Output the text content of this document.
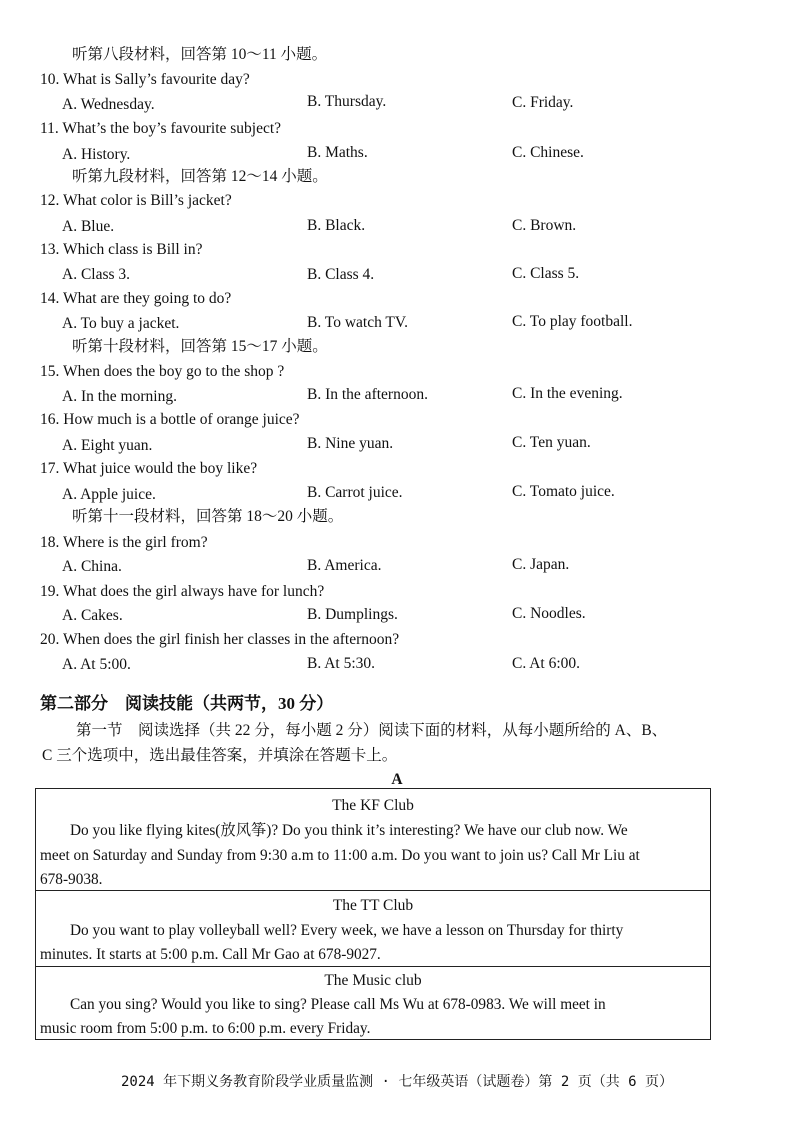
听第八段材料，回答第 10～11 小题。
10. What is Sally’s favourite day?
A. Wednesday.	B. Thursday.	C. Friday.
11. What’s the boy’s favourite subject?
A. History.	B. Maths.	C. Chinese.
听第九段材料，回答第 12～14 小题。
12. What color is Bill’s jacket?
A. Blue.	B. Black.	C. Brown.
13. Which class is Bill in?
A. Class 3.	B. Class 4.	C. Class 5.
14. What are they going to do?
A. To buy a jacket.	B. To watch TV.	C. To play football.
听第十段材料，回答第 15～17 小题。
15. When does the boy go to the shop ?
A. In the morning.	B. In the afternoon.	C. In the evening.
16. How much is a bottle of orange juice?
A. Eight yuan.	B. Nine yuan.	C. Ten yuan.
17. What juice would the boy like?
A. Apple juice.	B. Carrot juice.	C. Tomato juice.
听第十一段材料，回答第 18～20 小题。
18. Where is the girl from?
A. China.	B. America.	C. Japan.
19. What does the girl always have for lunch?
A. Cakes.	B. Dumplings.	C. Noodles.
20. When does the girl finish her classes in the afternoon?
A. At 5:00.	B. At 5:30.	C. At 6:00.
第二部分　阅读技能（共两节，30 分）
第一节　阅读选择（共 22 分，每小题 2 分）阅读下面的材料，从每小题所给的 A、B、
C 三个选项中，选出最佳答案，并填涂在答题卡上。
A
The KF Club
Do you like flying kites(放风筝)? Do you think it’s interesting? We have our club now. We
meet on Saturday and Sunday from 9:30 a.m to 11:00 a.m. Do you want to join us? Call Mr Liu at
678-9038.
The TT Club
Do you want to play volleyball well? Every week, we have a lesson on Thursday for thirty
minutes. It starts at 5:00 p.m. Call Mr Gao at 678-9027.
The Music club
Can you sing? Would you like to sing? Please call Ms Wu at 678-0983. We will meet in
music room from 5:00 p.m. to 6:00 p.m. every Friday.
2024 年下期义务教育阶段学业质量监测 · 七年级英语（试题卷）第 2 页（共 6 页）
